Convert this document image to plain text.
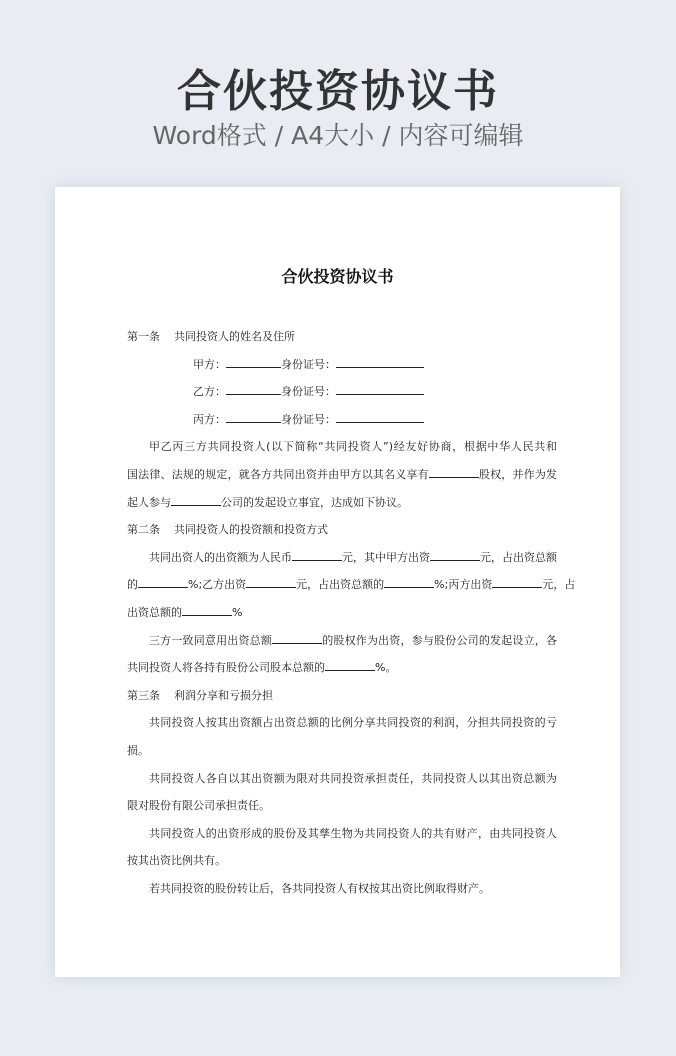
合伙投资协议书
Word格式 / A4大小 / 内容可编辑
合伙投资协议书
第一条 共同投资人的姓名及住所
甲方：	身份证号：
乙方：	身份证号：
丙方：	身份证号：
甲乙丙三方共同投资人(以下简称“共同投资人”)经友好协商，根据中华人民共和
国法律、法规的规定，就各方共同出资并由甲方以其名义享有	股权，并作为发
起人参与	公司的发起设立事宜，达成如下协议。
第二条 共同投资人的投资额和投资方式
共同出资人的出资额为人民币	元，其中甲方出资	元，占出资总额
的	%;乙方出资	元，占出资总额的	%;丙方出资	元，占
出资总额的	%
三方一致同意用出资总额	的股权作为出资，参与股份公司的发起设立，各
共同投资人将各持有股份公司股本总额的	%。
第三条 利润分享和亏损分担
共同投资人按其出资额占出资总额的比例分享共同投资的利润，分担共同投资的亏
损。
共同投资人各自以其出资额为限对共同投资承担责任，共同投资人以其出资总额为
限对股份有限公司承担责任。
共同投资人的出资形成的股份及其孳生物为共同投资人的共有财产，由共同投资人
按其出资比例共有。
若共同投资的股份转让后，各共同投资人有权按其出资比例取得财产。
